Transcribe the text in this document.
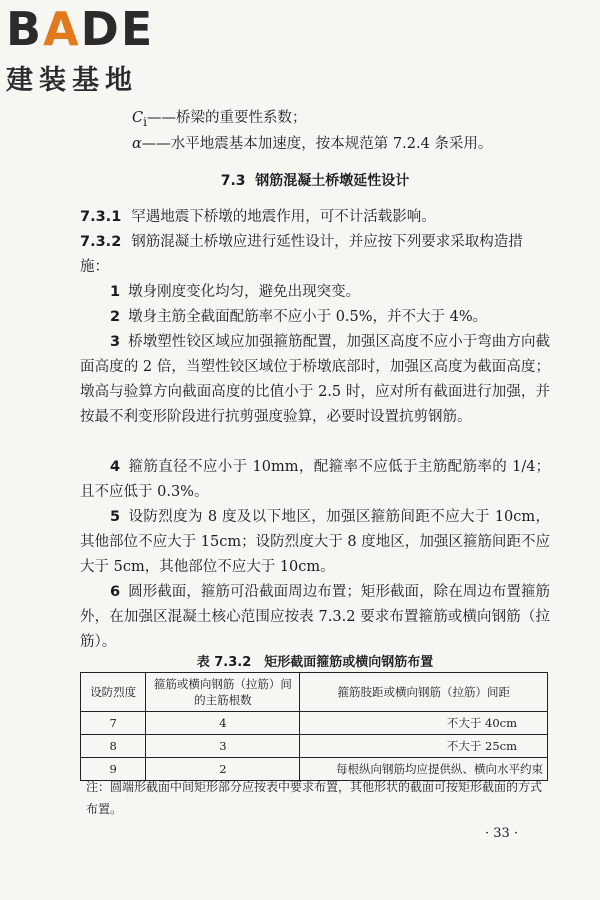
BADE
建装基地
$C_i——$桥梁的重要性系数；
α——水平地震基本加速度，按本规范第 7.2.4 条采用。
7.3 钢筋混凝土桥墩延性设计
7.3.1 罕遇地震下桥墩的地震作用，可不计活载影响。
7.3.2 钢筋混凝土桥墩应进行延性设计，并应按下列要求采取构造措施：
1 墩身刚度变化均匀，避免出现突变。
2 墩身主筋全截面配筋率不应小于 0.5%，并不大于 4%。
3 桥墩塑性铰区域应加强箍筋配置，加强区高度不应小于弯曲方向截面高度的 2 倍，当塑性铰区域位于桥墩底部时，加强区高度为截面高度；墩高与验算方向截面高度的比值小于 2.5 时，应对所有截面进行加强，并按最不利变形阶段进行抗剪强度验算，必要时设置抗剪钢筋。
4 箍筋直径不应小于 10mm，配箍率不应低于主筋配筋率的 1/4；且不应低于 0.3%。
5 设防烈度为 8 度及以下地区，加强区箍筋间距不应大于 10cm，其他部位不应大于 15cm；设防烈度大于 8 度地区，加强区箍筋间距不应大于 5cm，其他部位不应大于 10cm。
6 圆形截面，箍筋可沿截面周边布置；矩形截面，除在周边布置箍筋外，在加强区混凝土核心范围应按表 7.3.2 要求布置箍筋或横向钢筋（拉筋）。
表 7.3.2　矩形截面箍筋或横向钢筋布置
设防烈度	箍筋或横向钢筋（拉筋）间的主筋根数	箍筋肢距或横向钢筋（拉筋）间距
7	4	不大于 40cm
8	3	不大于 25cm
9	2	每根纵向钢筋均应提供纵、横向水平约束
注：圆端形截面中间矩形部分应按表中要求布置，其他形状的截面可按矩形截面的方式布置。
· 33 ·
